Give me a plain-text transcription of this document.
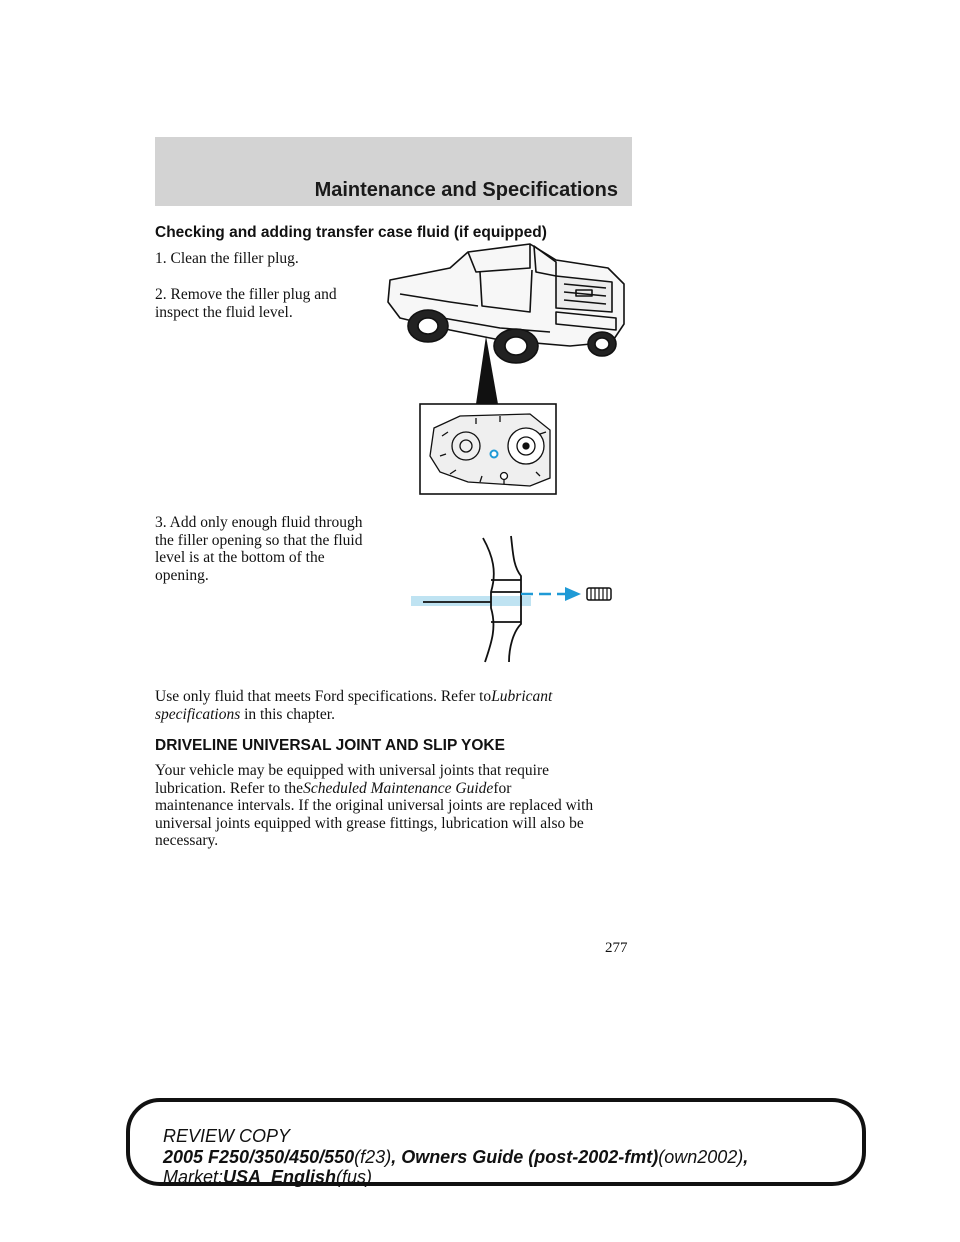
Maintenance and Specifications
Checking and adding transfer case fluid (if equipped)

1. Clean the filler plug.

2. Remove the filler plug and
inspect the fluid level.

3. Add only enough fluid through
the filler opening so that the fluid
level is at the bottom of the
opening.

Use only fluid that meets Ford specifications. Refer toLubricant
specifications in this chapter.

DRIVELINE UNIVERSAL JOINT AND SLIP YOKE

Your vehicle may be equipped with universal joints that require
lubrication. Refer to theScheduled Maintenance Guidefor
maintenance intervals. If the original universal joints are replaced with
universal joints equipped with grease fittings, lubrication will also be
necessary.

277
REVIEW COPY
2005 F250/350/450/550(f23), Owners Guide (post-2002-fmt)(own2002),
Market:USA_English(fus)
